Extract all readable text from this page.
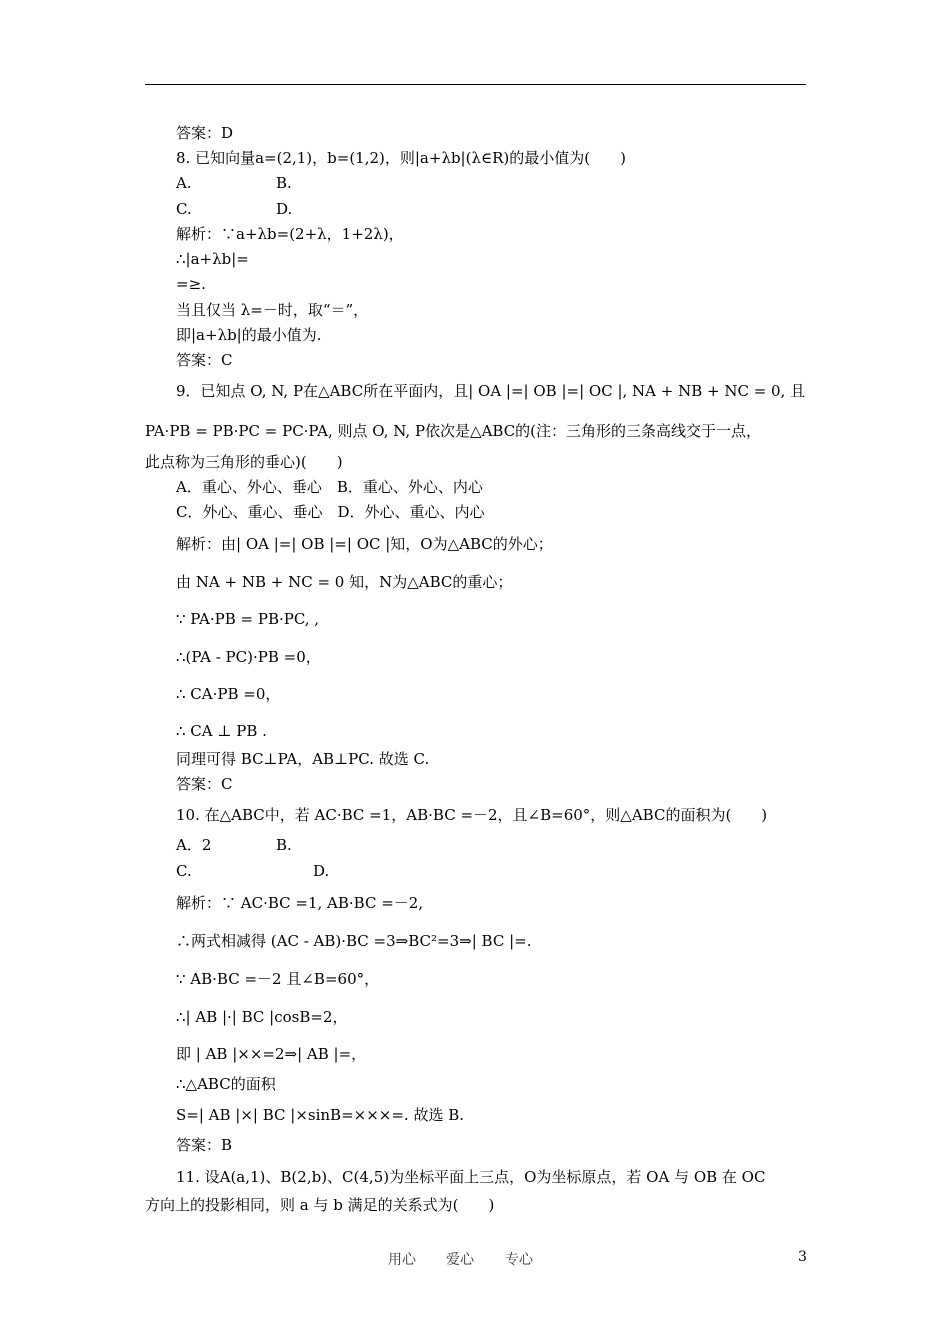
答案：D
8. 已知向量a=(2,1)，b=(1,2)，则|a+λb|(λ∈R)的最小值为(　　)
A.	B.
C.	D.
解析：∵a+λb=(2+λ，1+2λ)，
∴|a+λb|=
=≥.
当且仅当 λ=－时，取“＝”，
即|a+λb|的最小值为.
答案：C
9．已知点 O, N, P在△ABC所在平面内，且| OA |=| OB |=| OC |, NA + NB + NC = 0, 且
PA·PB = PB·PC = PC·PA, 则点 O, N, P依次是△ABC的(注：三角形的三条高线交于一点，
此点称为三角形的垂心)(　　)
A．重心、外心、垂心　B．重心、外心、内心
C．外心、重心、垂心　D．外心、重心、内心
解析：由| OA |=| OB |=| OC |知，O为△ABC的外心；
由 NA + NB + NC = 0 知，N为△ABC的重心；
∵ PA·PB = PB·PC, ,
∴(PA - PC)·PB =0，
∴ CA·PB =0，
∴ CA ⊥ PB .
同理可得 BC⊥PA，AB⊥PC. 故选 C.
答案：C
10. 在△ABC中，若 AC·BC =1，AB·BC =－2，且∠B=60°，则△ABC的面积为(　　)
A．2	B.
C.	D.
解析：∵ AC·BC =1, AB·BC =－2,
∴两式相减得 (AC - AB)·BC =3⇒BC²=3⇒| BC |=.
∵ AB·BC =－2 且∠B=60°，
∴| AB |·| BC |cosB=2，
即 | AB |××=2⇒| AB |=，
∴△ABC的面积
S=| AB |×| BC |×sinB=×××=. 故选 B.
答案：B
11. 设A(a,1)、B(2,b)、C(4,5)为坐标平面上三点，O为坐标原点，若 OA 与 OB 在 OC
方向上的投影相同，则 a 与 b 满足的关系式为(　　)
用心 爱心 专心	3
